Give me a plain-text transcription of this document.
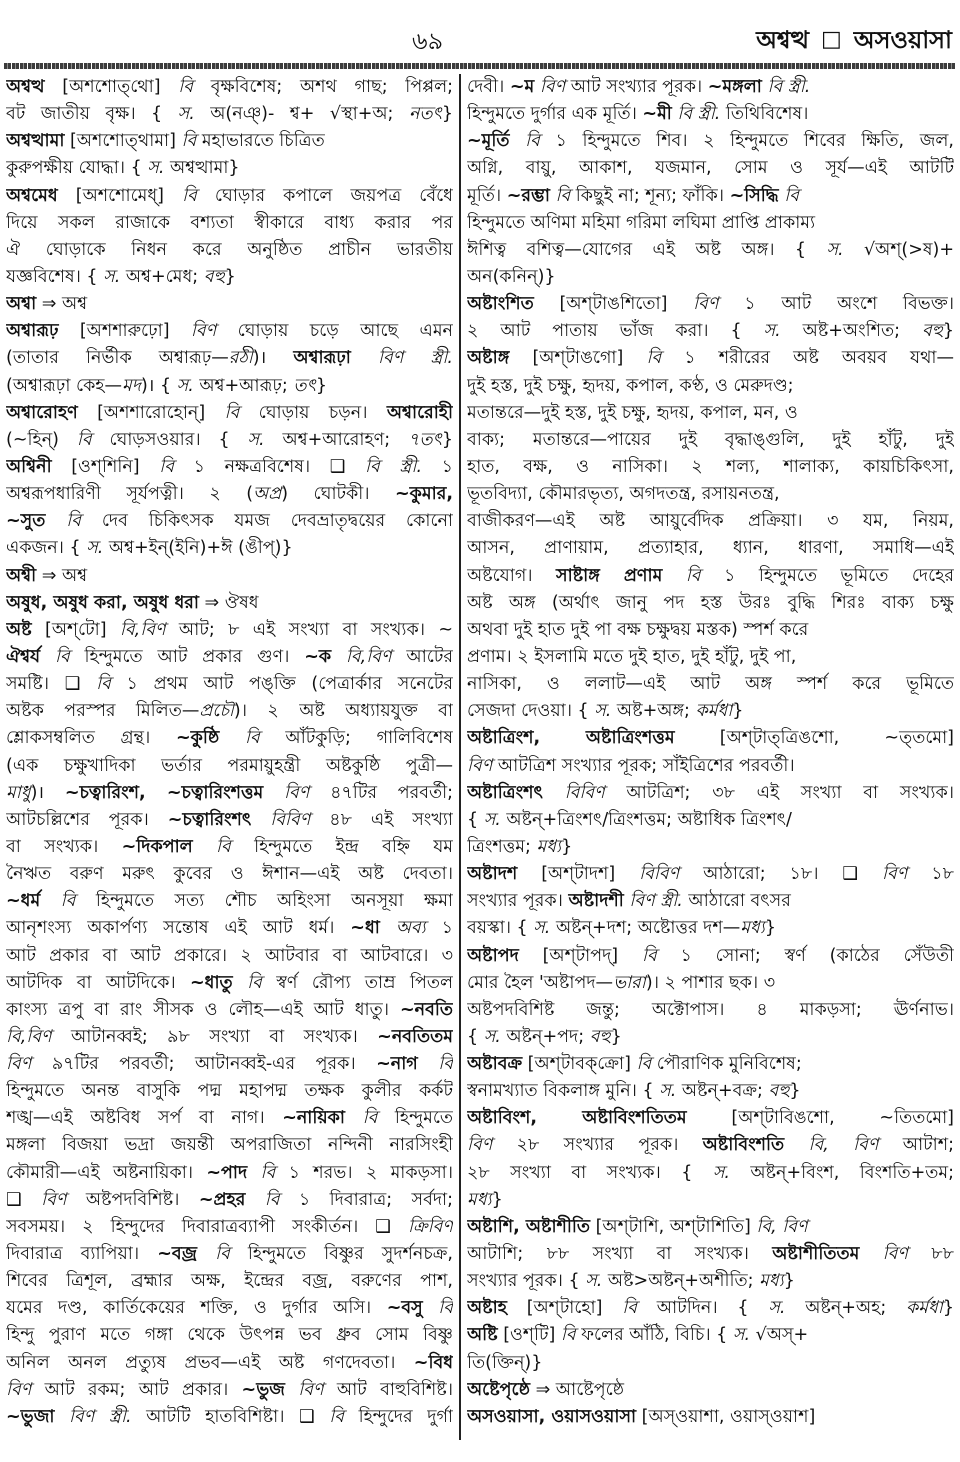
৬৯	অশ্বত্থ □ অসওয়াসা
অশ্বত্থ [অশশোত্‌থো] বি বৃক্ষবিশেষ; অশথ গাছ; পিপ্পল;
বট জাতীয় বৃক্ষ। { স. অ(নঞ্‌)- শ্ব+ √স্থা+অ; নতৎ}
অশ্বত্থামা [অশশোত্‌থামা] বি মহাভারতে চিত্রিত
কুরুপক্ষীয় যোদ্ধা। { স. অশ্বত্থামা}
অশ্বমেধ [অশশোমেধ্‌] বি ঘোড়ার কপালে জয়পত্র বেঁধে
দিয়ে সকল রাজাকে বশ্যতা স্বীকারে বাধ্য করার পর
ঐ ঘোড়াকে নিধন করে অনুষ্ঠিত প্রাচীন ভারতীয়
যজ্ঞবিশেষ। { স. অশ্ব+মেধ; বহু}
অশ্বা ⇒ অশ্ব
অশ্বারূঢ় [অশশারুঢ়ো] বিণ ঘোড়ায় চড়ে আছে এমন
(তাতার নির্ভীক অশ্বারূঢ়—রঠী)। অশ্বারূঢ়া বিণ স্ত্রী.
(অশ্বারূঢ়া কেহ—মদ)। { স. অশ্ব+আরূঢ়; তৎ}
অশ্বারোহণ [অশশারোহোন্‌] বি ঘোড়ায় চড়ন। অশ্বারোহী
(~হিন্‌) বি ঘোড়সওয়ার। { স. অশ্ব+আরোহণ; ৭তৎ}
অশ্বিনী [ওশ্‌শিনি] বি ১ নক্ষত্রবিশেষ। ❑ বি স্ত্রী. ১
অশ্বরূপধারিণী সূর্যপত্নী। ২ (অপ্র) ঘোটকী। ~কুমার,
~সুত বি দেব চিকিৎসক যমজ দেবভ্রাতৃদ্বয়ের কোনো
একজন। { স. অশ্ব+ইন্‌(ইনি)+ঈ (ঙীপ্‌)}
অশ্বী ⇒ অশ্ব
অষুধ, অষুধ করা, অষুধ ধরা ⇒ ঔষধ
অষ্ট [অশ্‌টো] বি,বিণ আট; ৮ এই সংখ্যা বা সংখ্যক। ~
ঐশ্বর্য বি হিন্দুমতে আট প্রকার গুণ। ~ক বি,বিণ আটের
সমষ্টি। ❑ বি ১ প্রথম আট পঙ্‌ক্তি (পেত্রার্কার সনেটের
অষ্টক পরস্পর মিলিত—প্রচৌ)। ২ অষ্ট অধ্যায়যুক্ত বা
শ্লোকসম্বলিত গ্রন্থ। ~কুষ্ঠি বি আঁটকুড়ি; গালিবিশেষ
(এক চক্ষুখাদিকা ভর্তার পরমায়ুহন্ত্রী অষ্টকুষ্ঠি পুত্রী—
মাধু)। ~চত্বারিংশ, ~চত্বারিংশত্তম বিণ ৪৭টির পরবর্তী;
আটচল্লিশের পূরক। ~চত্বারিংশৎ বিবিণ ৪৮ এই সংখ্যা
বা সংখ্যক। ~দিকপাল বি হিন্দুমতে ইন্দ্র বহ্নি যম
নৈঋত বরুণ মরুৎ কুবের ও ঈশান—এই অষ্ট দেবতা।
~ধর্ম বি হিন্দুমতে সত্য শৌচ অহিংসা অনসূয়া ক্ষমা
আনৃশংস্য অকার্পণ্য সন্তোষ এই আট ধর্ম। ~ধা অব্য ১
আট প্রকার বা আট প্রকারে। ২ আটবার বা আটবারে। ৩
আটদিক বা আটদিকে। ~ধাতু বি স্বর্ণ রৌপ্য তাম্র পিতল
কাংস্য ত্রপু বা রাং সীসক ও লৌহ—এই আট ধাতু। ~নবতি
বি,বিণ আটানব্বই; ৯৮ সংখ্যা বা সংখ্যক। ~নবতিতম
বিণ ৯৭টির পরবর্তী; আটানব্বই-এর পূরক। ~নাগ বি
হিন্দুমতে অনন্ত বাসুকি পদ্ম মহাপদ্ম তক্ষক কুলীর কর্কট
শঙ্খ—এই অষ্টবিধ সর্প বা নাগ। ~নায়িকা বি হিন্দুমতে
মঙ্গলা বিজয়া ভদ্রা জয়ন্তী অপরাজিতা নন্দিনী নারসিংহী
কৌমারী—এই অষ্টনায়িকা। ~পাদ বি ১ শরভ। ২ মাকড়সা।
❑ বিণ অষ্টপদবিশিষ্ট। ~প্রহর বি ১ দিবারাত্র; সর্বদা;
সবসময়। ২ হিন্দুদের দিবারাত্রব্যাপী সংকীর্তন। ❑ ক্রিবিণ
দিবারাত্র ব্যাপিয়া। ~বজ্র বি হিন্দুমতে বিষ্ণুর সুদর্শনচক্র,
শিবের ত্রিশূল, ব্রহ্মার অক্ষ, ইন্দ্রের বজ্র, বরুণের পাশ,
যমের দণ্ড, কার্তিকেয়ের শক্তি, ও দুর্গার অসি। ~বসু বি
হিন্দু পুরাণ মতে গঙ্গা থেকে উৎপন্ন ভব ধ্রুব সোম বিষ্ণু
অনিল অনল প্রত্যুষ প্রভব—এই অষ্ট গণদেবতা। ~বিধ
বিণ আট রকম; আট প্রকার। ~ভুজ বিণ আট বাহুবিশিষ্ট।
~ভুজা বিণ স্ত্রী. আটটি হাতবিশিষ্টা। ❑ বি হিন্দুদের দুর্গা
দেবী। ~ম বিণ আট সংখ্যার পূরক। ~মঙ্গলা বি স্ত্রী.
হিন্দুমতে দুর্গার এক মূর্তি। ~মী বি স্ত্রী. তিথিবিশেষ।
~মূর্তি বি ১ হিন্দুমতে শিব। ২ হিন্দুমতে শিবের ক্ষিতি, জল,
অগ্নি, বায়ু, আকাশ, যজমান, সোম ও সূর্য—এই আটটি
মূর্তি। ~রম্ভা বি কিছুই না; শূন্য; ফাঁকি। ~সিদ্ধি বি
হিন্দুমতে অণিমা মহিমা গরিমা লঘিমা প্রাপ্তি প্রাকাম্য
ঈশিত্ব বশিত্ব—যোগের এই অষ্ট অঙ্গ। { স. √অশ্‌(>ষ)+
অন(কনিন্‌)}
অষ্টাংশিত [অশ্‌টাঙশিতো] বিণ ১ আট অংশে বিভক্ত।
২ আট পাতায় ভাঁজ করা। { স. অষ্ট+অংশিত; বহু}
অষ্টাঙ্গ [অশ্‌টাঙগো] বি ১ শরীরের অষ্ট অবয়ব যথা—
দুই হস্ত, দুই চক্ষু, হৃদয়, কপাল, কণ্ঠ, ও মেরুদণ্ড;
মতান্তরে—দুই হস্ত, দুই চক্ষু, হৃদয়, কপাল, মন, ও
বাক্য; মতান্তরে—পায়ের দুই বৃদ্ধাঙ্গুলি, দুই হাঁটু, দুই
হাত, বক্ষ, ও নাসিকা। ২ শল্য, শালাক্য, কায়চিকিৎসা,
ভূতবিদ্যা, কৌমারভৃত্য, অগদতন্ত্র, রসায়নতন্ত্র,
বাজীকরণ—এই অষ্ট আয়ুর্বেদিক প্রক্রিয়া। ৩ যম, নিয়ম,
আসন, প্রাণায়াম, প্রত্যাহার, ধ্যান, ধারণা, সমাধি—এই
অষ্টযোগ। সাষ্টাঙ্গ প্রণাম বি ১ হিন্দুমতে ভূমিতে দেহের
অষ্ট অঙ্গ (অর্থাৎ জানু পদ হস্ত উরঃ বুদ্ধি শিরঃ বাক্য চক্ষু
অথবা দুই হাত দুই পা বক্ষ চক্ষুদ্বয় মস্তক) স্পর্শ করে
প্রণাম। ২ ইসলামি মতে দুই হাত, দুই হাঁটু, দুই পা,
নাসিকা, ও ললাট—এই আট অঙ্গ স্পর্শ করে ভূমিতে
সেজদা দেওয়া। { স. অষ্ট+অঙ্গ; কর্মধা}
অষ্টাত্রিংশ, অষ্টাত্রিংশত্তম [অশ্‌টাত্‌ত্রিঙশো, ~ত্‌তমো]
বিণ আটত্রিশ সংখ্যার পূরক; সাঁইত্রিশের পরবর্তী।
অষ্টাত্রিংশৎ বিবিণ আটত্রিশ; ৩৮ এই সংখ্যা বা সংখ্যক।
{ স. অষ্টন্‌+ত্রিংশৎ/ত্রিংশত্তম; অষ্টাধিক ত্রিংশৎ/
ত্রিংশত্তম; মধ্য}
অষ্টাদশ [অশ্‌টাদশ] বিবিণ আঠারো; ১৮। ❑ বিণ ১৮
সংখ্যার পূরক। অষ্টাদশী বিণ স্ত্রী. আঠারো বৎসর
বয়স্কা। { স. অষ্টন্‌+দশ; অষ্টোত্তর দশ—মধ্য}
অষ্টাপদ [অশ্‌টাপদ্‌] বি ১ সোনা; স্বর্ণ (কাঠের সেঁউতী
মোর হৈল 'অষ্টাপদ—ভারা)। ২ পাশার ছক। ৩
অষ্টপদবিশিষ্ট জন্তু; অক্টোপাস। ৪ মাকড়সা; ঊর্ণনাভ।
{ স. অষ্টন্‌+পদ; বহু}
অষ্টাবক্র [অশ্‌টাবক্‌ক্রো] বি পৌরাণিক মুনিবিশেষ;
স্বনামখ্যাত বিকলাঙ্গ মুনি। { স. অষ্টন্‌+বক্র; বহু}
অষ্টাবিংশ, অষ্টাবিংশতিতম [অশ্‌টাবিঙশো, ~তিতমো]
বিণ ২৮ সংখ্যার পূরক। অষ্টাবিংশতি বি, বিণ আটাশ;
২৮ সংখ্যা বা সংখ্যক। { স. অষ্টন্‌+বিংশ, বিংশতি+তম;
মধ্য}
অষ্টাশি, অষ্টাশীতি [অশ্‌টাশি, অশ্‌টাশিতি] বি, বিণ
আটাশি; ৮৮ সংখ্যা বা সংখ্যক। অষ্টাশীতিতম বিণ ৮৮
সংখ্যার পূরক। { স. অষ্ট>অষ্টন্‌+অশীতি; মধ্য}
অষ্টাহ [অশ্‌টাহো] বি আটদিন। { স. অষ্টন্‌+অহ; কর্মধা}
অষ্টি [ওশ্‌টি] বি ফলের আঁঠি, বিচি। { স. √অস্‌+
তি(ক্তিন্‌)}
অষ্টেপৃষ্ঠে ⇒ আষ্টেপৃষ্ঠে
অসওয়াসা, ওয়াসওয়াসা [অস্‌ওয়াশা, ওয়াস্‌ওয়াশ]
